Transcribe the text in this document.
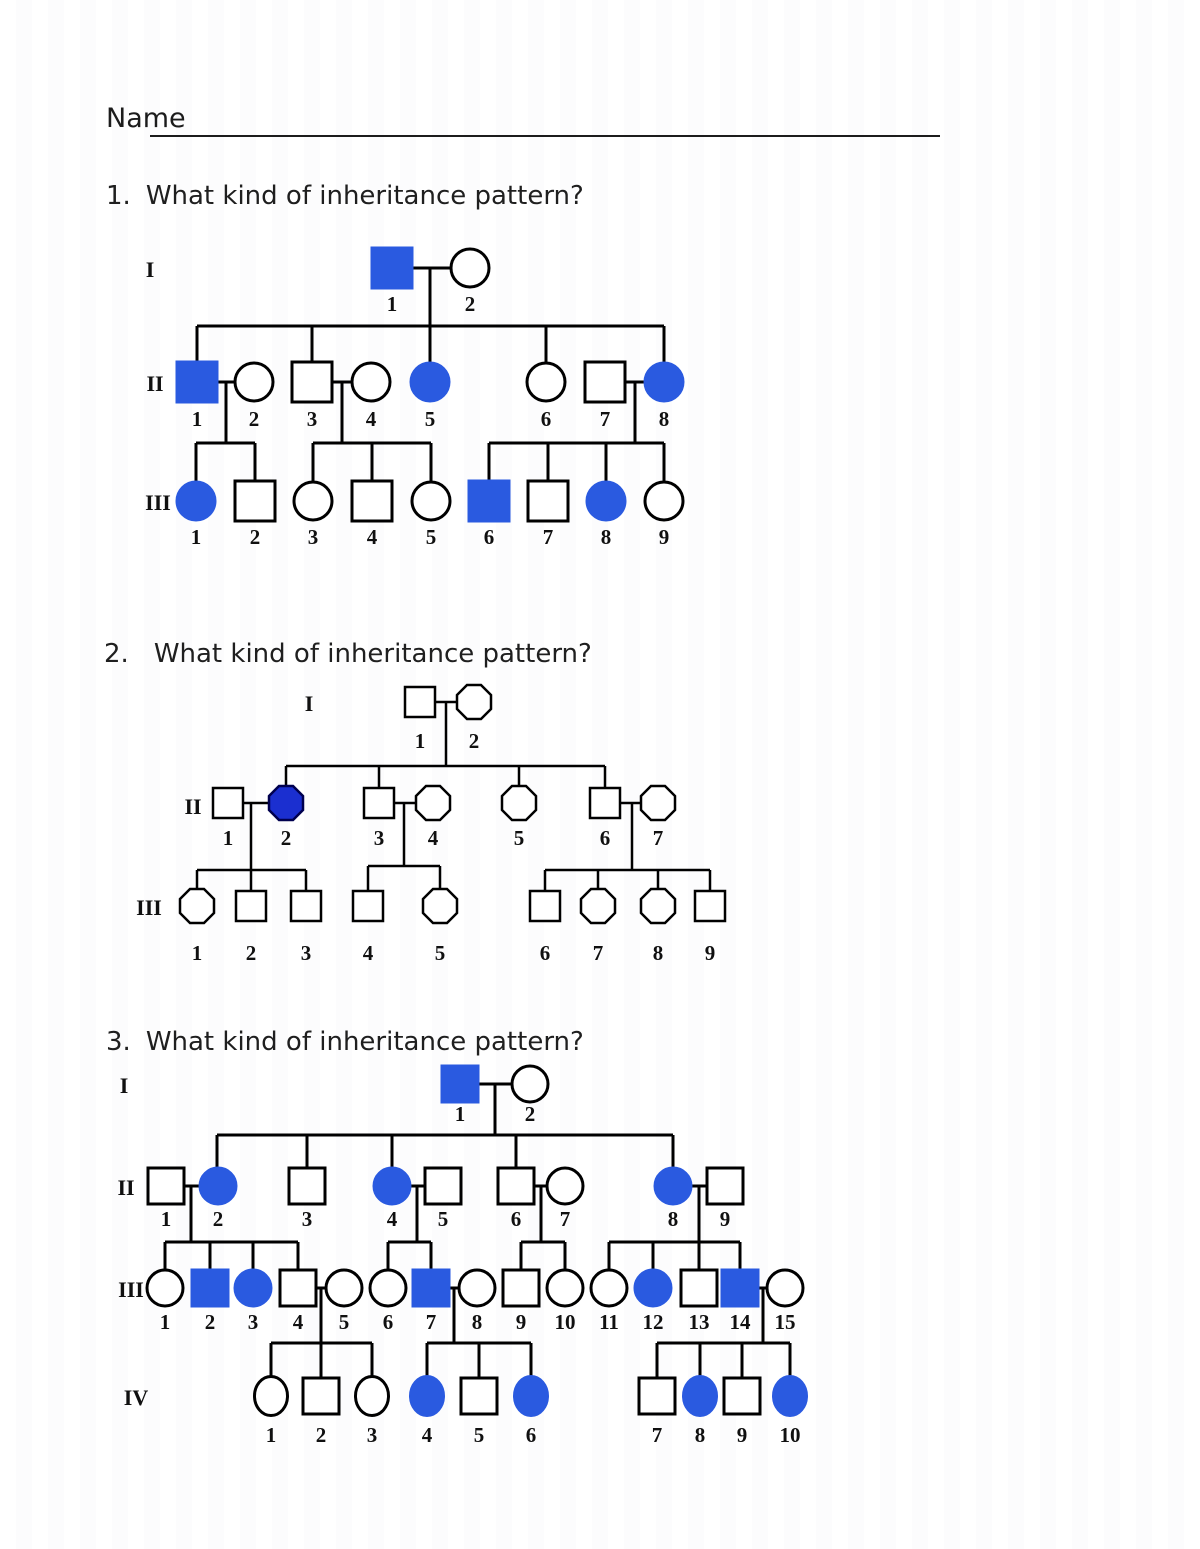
Name
1. What kind of inheritance pattern?
2. What kind of inheritance pattern?
3. What kind of inheritance pattern?
1	2
1 2 3 4 5	6 7 8
1 2 3 4 5 6 7 8 9
I
II
III
1 2
1 2	3 4	5	6 7
1 2 3 4	5	6 7 8 9
I
II
III
1	2
1 2	3	4 5	6 7	8 9
1 2 3 4 5 6 7 8 9 10 11 12 13 14 15
1 2 3 4 5 6	7 8 9 10
I
II
III
IV
